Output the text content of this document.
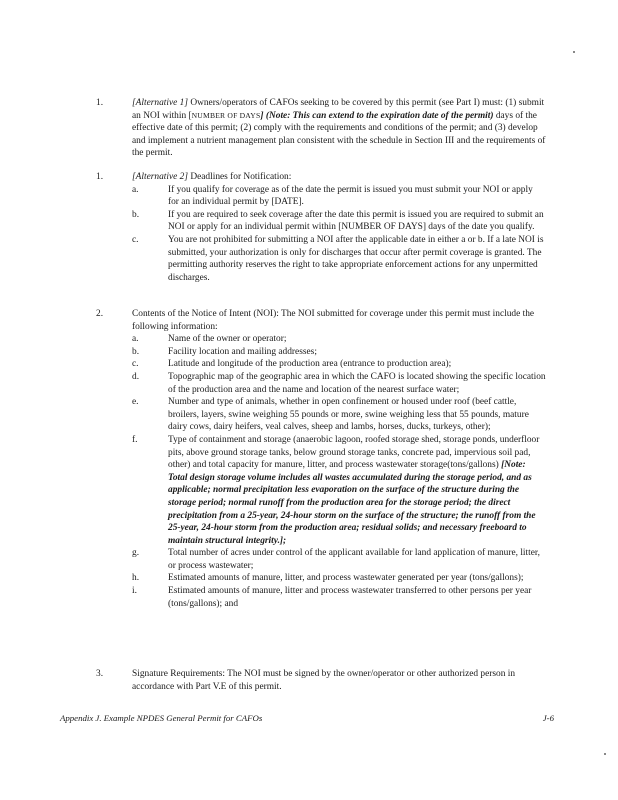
1.	[Alternative 1] Owners/operators of CAFOs seeking to be covered by this permit (see Part I) must: (1) submit an NOI within [NUMBER OF DAYS] (Note: This can extend to the expiration date of the permit) days of the effective date of this permit; (2) comply with the requirements and conditions of the permit; and (3) develop and implement a nutrient management plan consistent with the schedule in Section III and the requirements of the permit.
1.	[Alternative 2] Deadlines for Notification:
a.	If you qualify for coverage as of the date the permit is issued you must submit your NOI or apply for an individual permit by [DATE].
b.	If you are required to seek coverage after the date this permit is issued you are required to submit an NOI or apply for an individual permit within [NUMBER OF DAYS] days of the date you qualify.
c.	You are not prohibited for submitting a NOI after the applicable date in either a or b. If a late NOI is submitted, your authorization is only for discharges that occur after permit coverage is granted. The permitting authority reserves the right to take appropriate enforcement actions for any unpermitted discharges.
2.	Contents of the Notice of Intent (NOI): The NOI submitted for coverage under this permit must include the following information:
a.	Name of the owner or operator;
b.	Facility location and mailing addresses;
c.	Latitude and longitude of the production area (entrance to production area);
d.	Topographic map of the geographic area in which the CAFO is located showing the specific location of the production area and the name and location of the nearest surface water;
e.	Number and type of animals, whether in open confinement or housed under roof (beef cattle, broilers, layers, swine weighing 55 pounds or more, swine weighing less that 55 pounds, mature dairy cows, dairy heifers, veal calves, sheep and lambs, horses, ducks, turkeys, other);
f.	Type of containment and storage (anaerobic lagoon, roofed storage shed, storage ponds, underfloor pits, above ground storage tanks, below ground storage tanks, concrete pad, impervious soil pad, other) and total capacity for manure, litter, and process wastewater storage(tons/gallons) [Note: Total design storage volume includes all wastes accumulated during the storage period, and as applicable; normal precipitation less evaporation on the surface of the structure during the storage period; normal runoff from the production area for the storage period; the direct precipitation from a 25-year, 24-hour storm on the surface of the structure; the runoff from the 25-year, 24-hour storm from the production area; residual solids; and necessary freeboard to maintain structural integrity.];
g.	Total number of acres under control of the applicant available for land application of manure, litter, or process wastewater;
h.	Estimated amounts of manure, litter, and process wastewater generated per year (tons/gallons);
i.	Estimated amounts of manure, litter and process wastewater transferred to other persons per year (tons/gallons); and
3.	Signature Requirements: The NOI must be signed by the owner/operator or other authorized person in accordance with Part V.E of this permit.
Appendix J. Example NPDES General Permit for CAFOs	J-6
